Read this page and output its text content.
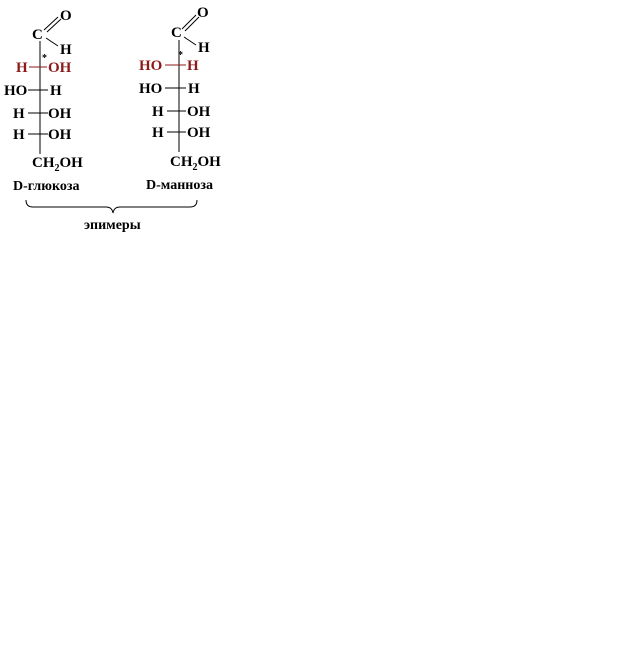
O
C
H
*
H OH
HO H
H OH
H OH
$CH_2OH$
D-глюкоза
O
C
H
*
HO H
HO H
H OH
H OH
$CH_2OH$
D-манноза
эпимеры
